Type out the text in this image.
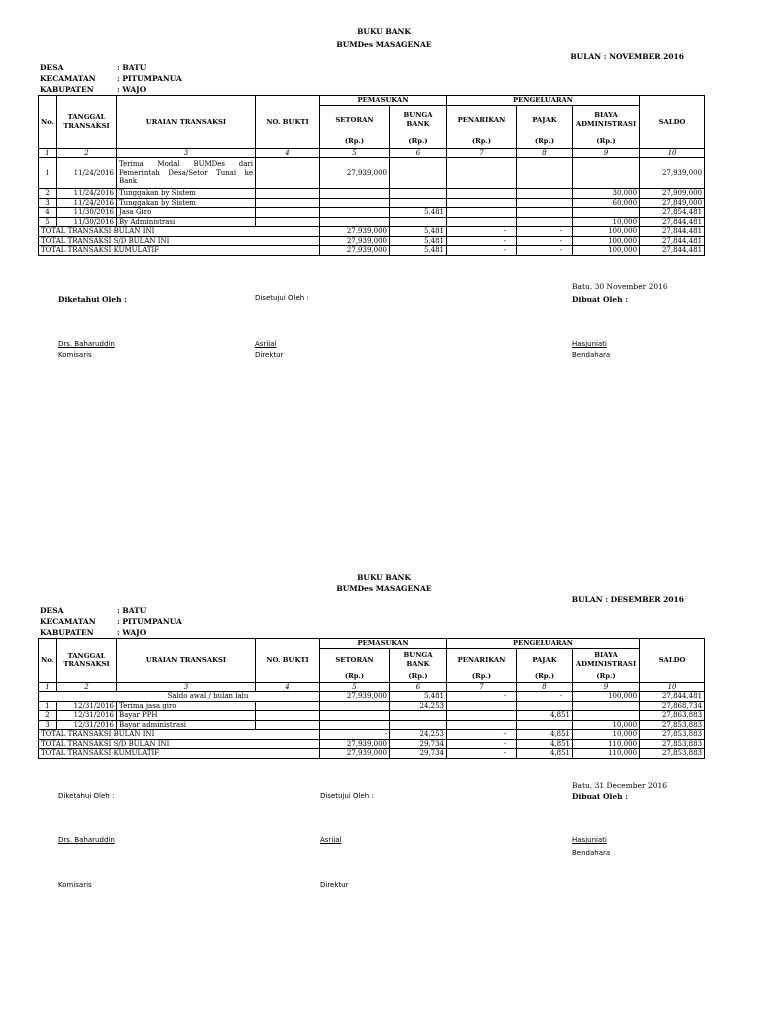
BUKU BANK
BUMDes MASAGENAE
BULAN : NOVEMBER 2016
DESA	: BATU
KECAMATAN	: PITUMPANUA
KABUPATEN	: WAJO
No.	TANGGAL TRANSAKSI	URAIAN TRANSAKSI	NO. BUKTI	PEMASUKAN		PENGELUARAN			SALDO
				SETORAN	BUNGA BANK	PENARIKAN	PAJAK	BIAYA ADMINISTRASI	
				(Rp.)	(Rp.)	(Rp.)	(Rp.)	(Rp.)	
1	2	3	4	5	6	7	8	9	10
1	11/24/2016	Terima Modal BUMDes dari Pemerintah Desa/Setor Tunai ke Bank		27,939,000					27,939,000
2	11/24/2016	Tunggakan by Sistem						30,000	27,909,000
3	11/24/2016	Tunggakan by Sistem						60,000	27,849,000
4	11/30/2016	Jasa Giro			5,481				27,854,481
5	11/30/2016	By Administrasi						10,000	27,844,481
TOTAL TRANSAKSI BULAN INI				27,939,000	5,481	-	-	100,000	27,844,481
TOTAL TRANSAKSI S/D BULAN INI				27,939,000	5,481	-	-	100,000	27,844,481
TOTAL TRANSAKSI KUMULATIF				27,939,000	5,481	-	-	100,000	27,844,481
Batu, 30 November 2016
Diketahui Oleh :	Disetujui Oleh :	Dibuat Oleh :
Drs. Baharuddin
Komisaris
Asrijal
Direktur
Hasjuniati
Bendahara
BUKU BANK
BUMDes MASAGENAE
BULAN : DESEMBER 2016
DESA	: BATU
KECAMATAN	: PITUMPANUA
KABUPATEN	: WAJO
No.	TANGGAL TRANSAKSI	URAIAN TRANSAKSI	NO. BUKTI	PEMASUKAN		PENGELUARAN			SALDO
				SETORAN	BUNGA BANK	PENARIKAN	PAJAK	BIAYA ADMINISTRASI	
				(Rp.)	(Rp.)	(Rp.)	(Rp.)	(Rp.)	
1	2	3	4	5	6	7	8	9	10
Saldo awal / bulan lalu				27,939,000	5,481	-	-	100,000	27,844,481
1	12/31/2016	Terima jasa giro			24,253				27,868,734
2	12/31/2016	Bayar PPH					4,851		27,863,883
3	12/31/2016	Bayar administrasi						10,000	27,853,883
TOTAL TRANSAKSI BULAN INI				-	24,253	-	4,851	10,000	27,853,883
TOTAL TRANSAKSI S/D BULAN INI				27,939,000	29,734	-	4,851	110,000	27,853,883
TOTAL TRANSAKSI KUMULATIF				27,939,000	29,734	-	4,851	110,000	27,853,883
Batu, 31 December 2016
Diketahui Oleh :	Disetujui Oleh :	Dibuat Oleh :
Drs. Baharuddin	Asrijal	Hasjuniati
Bendahara
Komisaris	Direktur
